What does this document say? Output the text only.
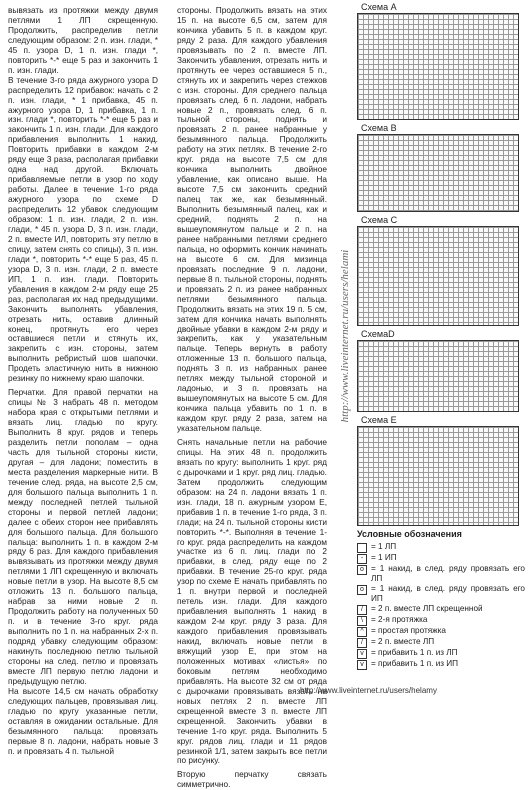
вывязать из протяжки между двумя петлями 1 ЛП скрещенную. Продолжить, распределив петли следующим образом: 2 п. изн. глади, * 45 п. узора D, 1 п. изн. глади *, повторить *-* еще 5 раз и закончить 1 п. изн. глади.

В течение 3-го ряда ажурного узора D распределить 12 прибавок: начать с 2 п. изн. глади, * 1 прибавка, 45 п. ажурного узора D, 1 прибавка, 1 п. изн. глади *, повторить *-* еще 5 раз и закончить 1 п. изн. глади. Для каждого прибавления выполнить 1 накид. Повторить прибавки в каждом 2-м ряду еще 3 раза, располагая прибавки одна над другой. Включать прибавляемые петли в узор по ходу работы. Далее в течение 1-го ряда ажурного узора по схеме D распределить 12 убавок следующим образом: 1 п. изн. глади, 2 п. изн. глади, * 45 п. узора D, 3 п. изн. глади, 2 п. вместе ИЛ, повторить эту петлю в спицу, затем снять со спицы), 3 п. изн. глади *, повторить *-* еще 5 раз, 45 п. узора D, 3 п. изн. глади, 2 п. вместе ИП, 1 п. изн. глади. Повторить убавления в каждом 2-м ряду еще 25 раз, располагая их над предыдущими. Закончить выполнять убавления, отрезать нить, оставив длинный конец, протянуть его через оставшиеся петли и стянуть их, закрепить с изн. стороны, затем выполнить ребристый шов шапочки. Продеть эластичную нить в нижнюю резинку по нижнему краю шапочки.

Перчатки. Для правой перчатки на спицы № 3 набрать 48 п. методом набора края с открытыми петлями и вязать лиц. гладью по кругу. Выполнить 8 круг. рядов и теперь разделить петли пополам – одна часть для тыльной стороны кисти, другая – для ладони; поместить в места разделения маркерные нити. В течение след. ряда, на высоте 2,5 см, для большого пальца выполнить 1 п. между последней петлей тыльной стороны и первой петлей ладони; далее с обеих сторон нее прибавлять для большого пальца. Для большого пальца: выполнить 1 п. в каждом 2-м ряду 6 раз. Для каждого прибавления вывязывать из протяжки между двумя петлями 1 ЛП скрещенную и включать новые петли в узор. На высоте 8,5 см отложить 13 п. большого пальца, набрав за ними новые 2 п. Продолжить работу на полученных 50 п. и в течение 3-го круг. ряда выполнить по 1 п. на набранных 2-х п. подряд убавку следующим образом: накинуть последнюю петлю тыльной стороны на след. петлю и провязать вместе ЛП первую петлю ладони и предыдущую петлю.

На высоте 14,5 см начать обработку следующих пальцев, провязывая лиц. гладью по кругу указанные петли, оставляя в ожидании остальные. Для безымянного пальца: провязать первые 8 п. ладони, набрать новые 3 п. и провязать 4 п. тыльной

стороны. Продолжить вязать на этих 15 п. на высоте 6,5 см, затем для кончика убавить 5 п. в каждом круг. ряду 2 раза. Для каждого убавления провязывать по 2 п. вместе ЛП. Закончить убавления, отрезать нить и протянуть ее через оставшиеся 5 п., стянуть их и закрепить через стежков с изн. стороны. Для среднего пальца провязать след. 6 п. ладони, набрать новые 2 п., провязать след. 6 п. тыльной стороны, поднять и провязать 2 п. ранее набранные у безымянного пальца. Продолжить работу на этих петлях. В течение 2-го круг. ряда на высоте 7,5 см для кончика выполнить двойное убавление, как описано выше. На высоте 7,5 см закончить средний палец так же, как безымянный. Выполнить безымянный палец, как и средний, поднять 2 п. на вышеупомянутом пальце и 2 п. на ранее набранными петлями среднего пальца, но оформить кончик начинать на высоте 6 см. Для мизинца провязать последние 9 п. ладони, первые 8 п. тыльной стороны, поднять и провязать 2 п. из ранее набранных петлями безымянного пальца. Продолжить вязать на этих 19 п. 5 см, затем для кончика начать выполнять двойные убавки в каждом 2-м ряду и закрепить, как у указательным пальце. Теперь вернуть в работу отложенные 13 п. большого пальца, поднять 3 п. из набранных ранее петлях между тыльной стороной и ладонью, и 3 п. провязать на вышеупомянутых на высоте 5 см. Для кончика пальца убавить по 1 п. в каждом круг. ряду 2 раза, затем на указательном пальце.

Снять начальные петли на рабочие спицы. На этих 48 п. продолжить вязать по кругу: выполнить 1 круг. ряд с дырочками и 1 круг. ряд лиц. гладью. Затем продолжить следующим образом: на 24 п. ладони вязать 1 п. изн. глади, 18 п. ажурным узором Е, прибавив 1 п. в течение 1-го ряда, 3 п. глади; на 24 п. тыльной стороны кисти повторить *-*. Выполняя в течение 1-го круг. ряда распределить на каждом участке из 6 п. лиц. глади по 2 прибавки, в след. ряду еще по 2 прибавки. В течение 25-го круг. ряда узор по схеме Е начать прибавлять по 1 п. внутри первой и последней петель изн. глади. Для каждого прибавления выполнять 1 накид в каждом 2-м круг. ряду 3 раза. Для каждого прибавления провязывать накид, включать новые петли в вяжущий узор Е, при этом на положенных мотивах «листья» по боковым петлям необходимо прибавлять. На высоте 32 см от ряда с дырочками провязывать вязать на новых петлях 2 п. вместе ЛП скрещенной вместе 3 п. вместе ЛП скрещенной. Закончить убавки в течение 1-го круг. ряда. Выполнить 5 круг. рядов лиц. глади и 11 рядов резинкой 1/1, затем закрыть все петли по рисунку.

Вторую перчатку связать симметрично.

http://www.liveinternet.ru/users/helami
Схема A
Схема B
Схема C
СхемаD
Схема Е
Условные обозначения
= 1 ЛП
- = 1 ИП
o = 1 накид, в след. ряду провязать его ЛП
o = 1 накид, в след. ряду провязать его ИП
/ = 2 п. вместе ЛП скрещенной
\ = 2-я протяжка
^ = простая протяжка
/ = 2 п. вместе ЛП
v = прибавить 1 п. из ЛП
v = прибавить 1 п. из ИП
http://www.liveinternet.ru/users/helamy
